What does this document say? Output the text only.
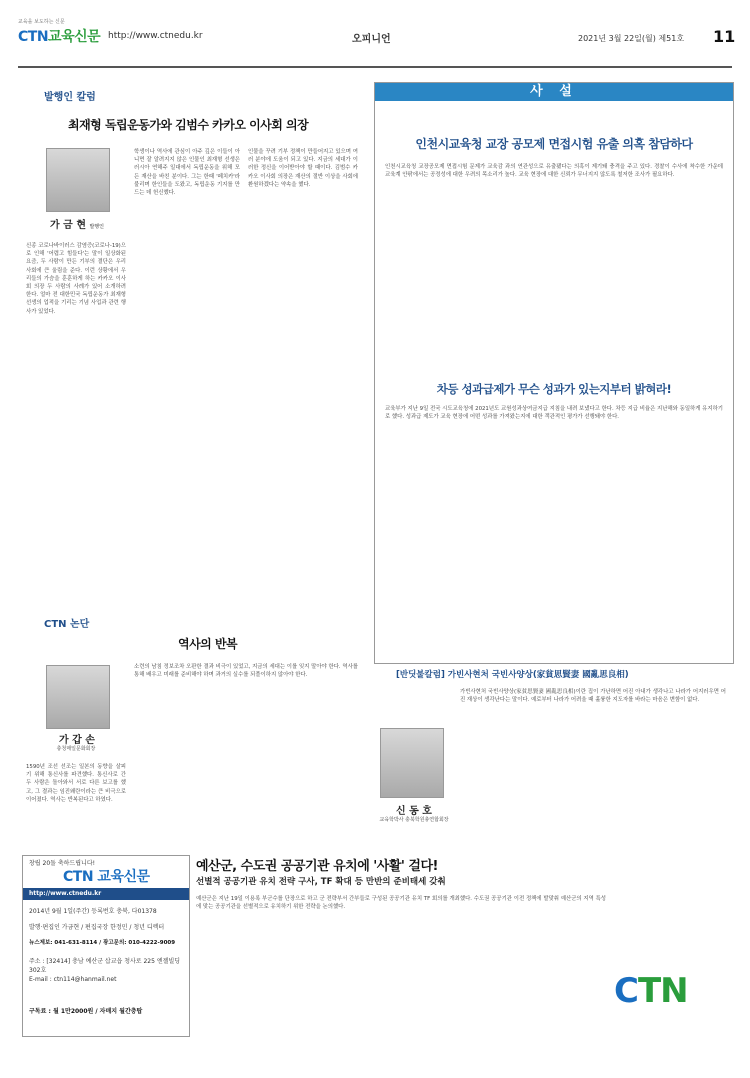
교육을 보도하는 신문
CTN교육신문 http://www.ctnedu.kr	오피니언	2021년 3월 22일(월) 제51호 11
발행인 칼럼
최재형 독립운동가와 김범수 카카오 이사회 의장
가 금 현 발행인
신종 코로나바이러스 감염증(코로나-19)으로 인해 '어렵고 힘들다'는 말이 일상화된 요즘, 두 사람이 만든 기부의 결단은 우리 사회에 큰 울림을 준다. 이런 상황에서 우리들의 가슴을 훈훈하게 하는 카카오 이사회 의장 두 사람의 사례가 있어 소개하려 한다. 얼마 전 대한민국 독립운동가 최재형 선생의 업적을 기리는 기념 사업과 관련 행사가 있었다.
학생이나 역사에 관심이 아주 깊은 이들이 아니면 잘 알려지지 않은 인물인 최재형 선생은 러시아 연해주 일대에서 독립운동을 위해 모든 재산을 바친 분이다. 그는 한때 '페치카'라 불리며 한인들을 도왔고, 독립운동 기지를 만드는 데 헌신했다.
인물을 꾸려 기부 정책이 만들어지고 있으며 여러 분야에 도움이 되고 있다. 지금의 세대가 이러한 정신을 이어받아야 할 때이다. 김범수 카카오 이사회 의장은 재산의 절반 이상을 사회에 환원하겠다는 약속을 했다.
CTN 논단
역사의 반복
가 갑 손
충청매일문화회장
1590년 조선 선조는 일본의 동향을 살피기 위해 통신사를 파견했다. 통신사로 간 두 사람은 돌아와서 서로 다른 보고를 했고, 그 결과는 임진왜란이라는 큰 비극으로 이어졌다. 역사는 반복된다고 하였다.
소련의 남침 정보조차 오판한 결과 비극이 있었고, 지금의 세대는 이를 잊지 말아야 한다. 역사를 통해 배우고 미래를 준비해야 하며 과거의 실수를 되풀이하지 않아야 한다.
사 설
인천시교육청 교장 공모제 면접시험 유출 의혹 참담하다
인천시교육청 교장공모제 면접시험 문제가 교육감 과의 연관성으로 유출됐다는 의혹이 제기돼 충격을 주고 있다. 경찰이 수사에 착수한 가운데 교육계 안팎에서는 공정성에 대한 우려의 목소리가 높다. 교육 현장에 대한 신뢰가 무너지지 않도록 철저한 조사가 필요하다.
차등 성과급제가 무슨 성과가 있는지부터 밝혀라!
교육부가 지난 9일 전국 시도교육청에 2021년도 교원성과상여금지급 지침을 내려 보냈다고 한다. 차등 지급 비율은 지난해와 동일하게 유지하기로 했다. 성과급 제도가 교육 현장에 어떤 성과를 가져왔는지에 대한 객관적인 평가가 선행돼야 한다.
[반딧불칼럼] 가빈사현처 국빈사양상(家貧思賢妻 國亂思良相)
신 동 호
교육학박사 충북학원총연합회장
가빈사현처 국빈사양상(家貧思賢妻 國亂思良相)이란 집이 가난하면 어진 아내가 생각나고 나라가 어지러우면 어진 재상이 생각난다는 말이다. 예로부터 나라가 어려울 때 훌륭한 지도자를 바라는 마음은 변함이 없다.
창립 20돌 축하드립니다!
CTN 교육신문
http://www.ctnedu.kr
2014년 9월 1일(주간) 등록번호 충북, 다01378
발행·편집인 가금현 / 편집국장 한정민 / 청년 디렉터
뉴스제보: 041-631-8114 / 광고문의: 010-4222-9009
주소 : [32414] 충남 예산군 삽교읍 청사로 225 엔젤빌딩 302호
E-mail : ctn114@hanmail.net
구독료 : 월 1만2000원 / 자매지 월간충탑
예산군, 수도권 공공기관 유치에 '사활' 걸다!
선별적 공공기관 유치 전략 구사, TF 확대 등 만반의 준비태세 갖춰
예산군은 지난 19일 이용록 부군수를 단장으로 하고 군 전략부서 간부들로 구성된 공공기관 유치 TF 회의를 개최했다. 수도권 공공기관 이전 정책에 발맞춰 예산군의 지역 특성에 맞는 공공기관을 선별적으로 유치하기 위한 전략을 논의했다.
CTN
